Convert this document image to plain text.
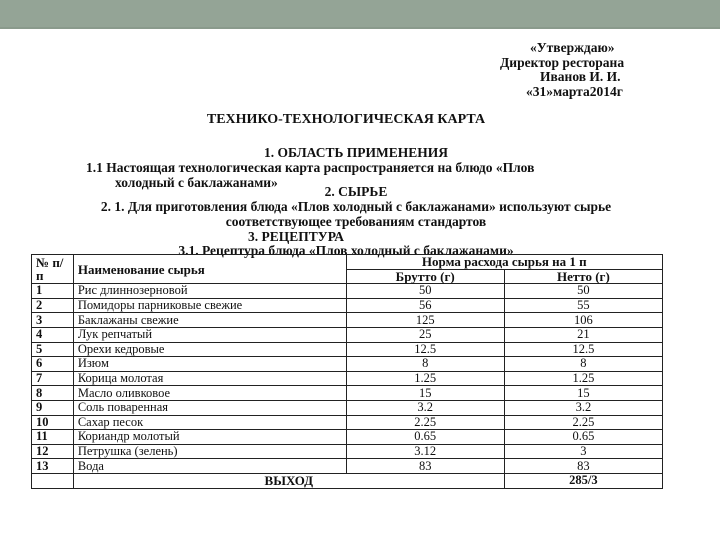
«Утверждаю»
Директор ресторана
Иванов И. И.
«31»марта2014г
ТЕХНИКО-ТЕХНОЛОГИЧЕСКАЯ КАРТА
1. ОБЛАСТЬ ПРИМЕНЕНИЯ
1.1 Настоящая технологическая карта распространяется на блюдо «Плов
холодный с баклажанами»
2. СЫРЬЕ
2. 1. Для приготовления блюда «Плов холодный с баклажанами» используют сырье
соответствующее требованиям стандартов
3. РЕЦЕПТУРА
3.1. Рецептура блюда «Плов холодный с баклажанами»
№ п/п	Наименование сырья	Норма расхода сырья на 1 п	
		Брутто (г)	Нетто (г)
1	Рис длиннозерновой	50	50
2	Помидоры парниковые свежие	56	55
3	Баклажаны свежие	125	106
4	Лук репчатый	25	21
5	Орехи кедровые	12.5	12.5
6	Изюм	8	8
7	Корица молотая	1.25	1.25
8	Масло оливковое	15	15
9	Соль поваренная	3.2	3.2
10	Сахар песок	2.25	2.25
11	Кориандр молотый	0.65	0.65
12	Петрушка (зелень)	3.12	3
13	Вода	83	83
	ВЫХОД		285/3
